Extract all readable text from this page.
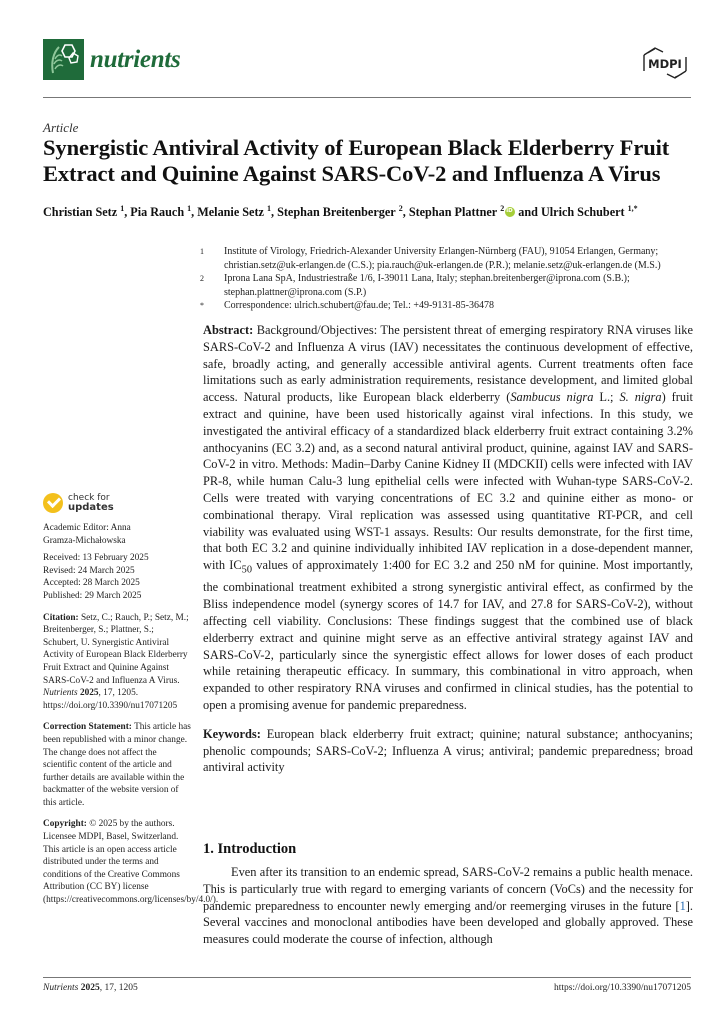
nutrients	MDPI
Article
Synergistic Antiviral Activity of European Black Elderberry Fruit Extract and Quinine Against SARS-CoV-2 and Influenza A Virus
Christian Setz $^1$, Pia Rauch $^1$, Melanie Setz $^1$, Stephan Breitenberger $^2$, Stephan Plattner $^2$ iD and Ulrich Schubert $^{1,*}$
1	Institute of Virology, Friedrich-Alexander University Erlangen-Nürnberg (FAU), 91054 Erlangen, Germany; christian.setz@uk-erlangen.de (C.S.); pia.rauch@uk-erlangen.de (P.R.); melanie.setz@uk-erlangen.de (M.S.)
2	Iprona Lana SpA, Industriestraße 1/6, I-39011 Lana, Italy; stephan.breitenberger@iprona.com (S.B.); stephan.plattner@iprona.com (S.P.)
*	Correspondence: ulrich.schubert@fau.de; Tel.: +49-9131-85-36478
check for
updates
Academic Editor: Anna
Gramza-Michałowska
Received: 13 February 2025
Revised: 24 March 2025
Accepted: 28 March 2025
Published: 29 March 2025
Citation: Setz, C.; Rauch, P.; Setz, M.; Breitenberger, S.; Plattner, S.; Schubert, U. Synergistic Antiviral Activity of European Black Elderberry Fruit Extract and Quinine Against SARS-CoV-2 and Influenza A Virus. Nutrients 2025, 17, 1205. https://doi.org/10.3390/nu17071205
Correction Statement: This article has been republished with a minor change. The change does not affect the scientific content of the article and further details are available within the backmatter of the website version of this article.
Copyright: © 2025 by the authors. Licensee MDPI, Basel, Switzerland. This article is an open access article distributed under the terms and conditions of the Creative Commons Attribution (CC BY) license (https://creativecommons.org/licenses/by/4.0/).

Abstract: Background/Objectives: The persistent threat of emerging respiratory RNA viruses like SARS-CoV-2 and Influenza A virus (IAV) necessitates the continuous development of effective, safe, broadly acting, and generally accessible antiviral agents. Current treatments often face limitations such as early administration requirements, resistance development, and limited global access. Natural products, like European black elderberry (Sambucus nigra L.; S. nigra) fruit extract and quinine, have been used historically against viral infections. In this study, we investigated the antiviral efficacy of a standardized black elderberry fruit extract containing 3.2% anthocyanins (EC 3.2) and, as a second natural antiviral product, quinine, against IAV and SARS-CoV-2 in vitro. Methods: Madin–Darby Canine Kidney II (MDCKII) cells were infected with IAV PR-8, while human Calu-3 lung epithelial cells were infected with Wuhan-type SARS-CoV-2. Cells were treated with varying concentrations of EC 3.2 and quinine either as mono- or combinational therapy. Viral replication was assessed using quantitative RT-PCR, and cell viability was evaluated using WST-1 assays. Results: Our results demonstrate, for the first time, that both EC 3.2 and quinine individually inhibited IAV replication in a dose-dependent manner, with $IC_{50}$ values of approximately 1:400 for EC 3.2 and 250 nM for quinine. Most importantly, the combinational treatment exhibited a strong synergistic antiviral effect, as confirmed by the Bliss independence model (synergy scores of 14.7 for IAV, and 27.8 for SARS-CoV-2), without affecting cell viability. Conclusions: These findings suggest that the combined use of black elderberry extract and quinine might serve as an effective antiviral strategy against IAV and SARS-CoV-2, particularly since the synergistic effect allows for lower doses of each product while retaining therapeutic efficacy. In summary, this combinational in vitro approach, when expanded to other respiratory RNA viruses and confirmed in clinical studies, has the potential to open a promising avenue for pandemic preparedness.

Keywords: European black elderberry fruit extract; quinine; natural substance; anthocyanins; phenolic compounds; SARS-CoV-2; Influenza A virus; antiviral; pandemic preparedness; broad antiviral activity

1. Introduction

Even after its transition to an endemic spread, SARS-CoV-2 remains a public health menace. This is particularly true with regard to emerging variants of concern (VoCs) and the necessity for pandemic preparedness to encounter newly emerging and/or reemerging viruses in the future [1]. Several vaccines and monoclonal antibodies have been developed and globally approved. These measures could moderate the course of infection, although

Nutrients 2025, 17, 1205	https://doi.org/10.3390/nu17071205
